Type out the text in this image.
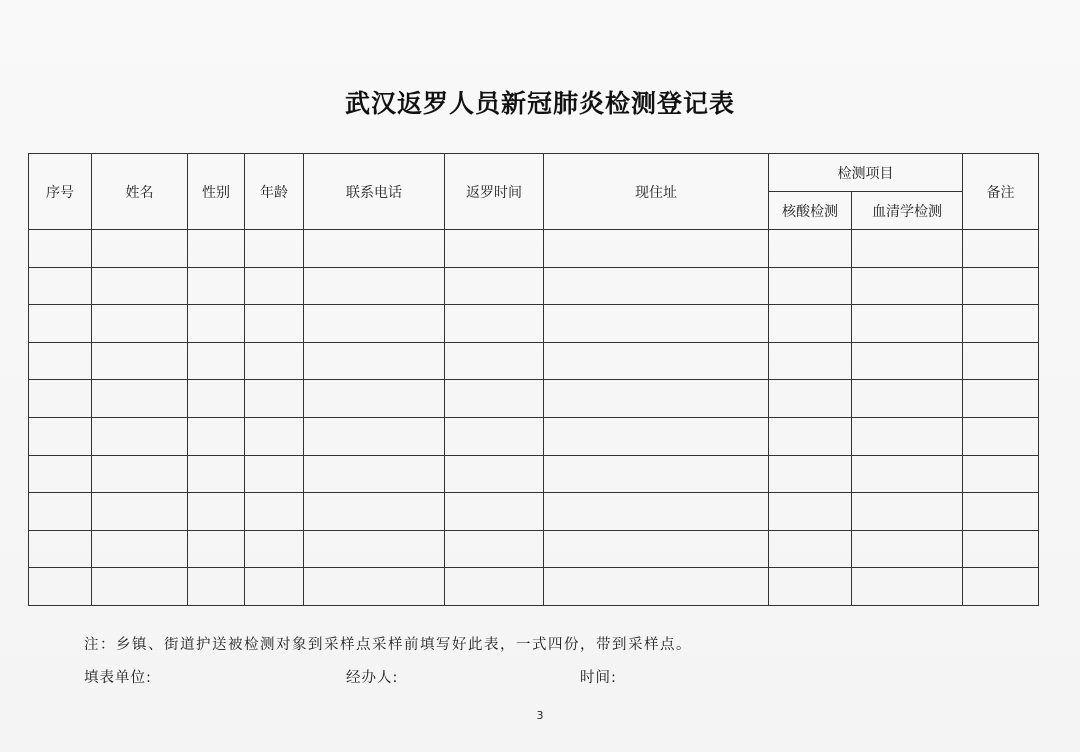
武汉返罗人员新冠肺炎检测登记表
序号	姓名	性别	年龄	联系电话	返罗时间	现住址	检测项目		备注
							核酸检测	血清学检测	

注：乡镇、街道护送被检测对象到采样点采样前填写好此表，一式四份，带到采样点。
填表单位:	经办人:	时间:
3
